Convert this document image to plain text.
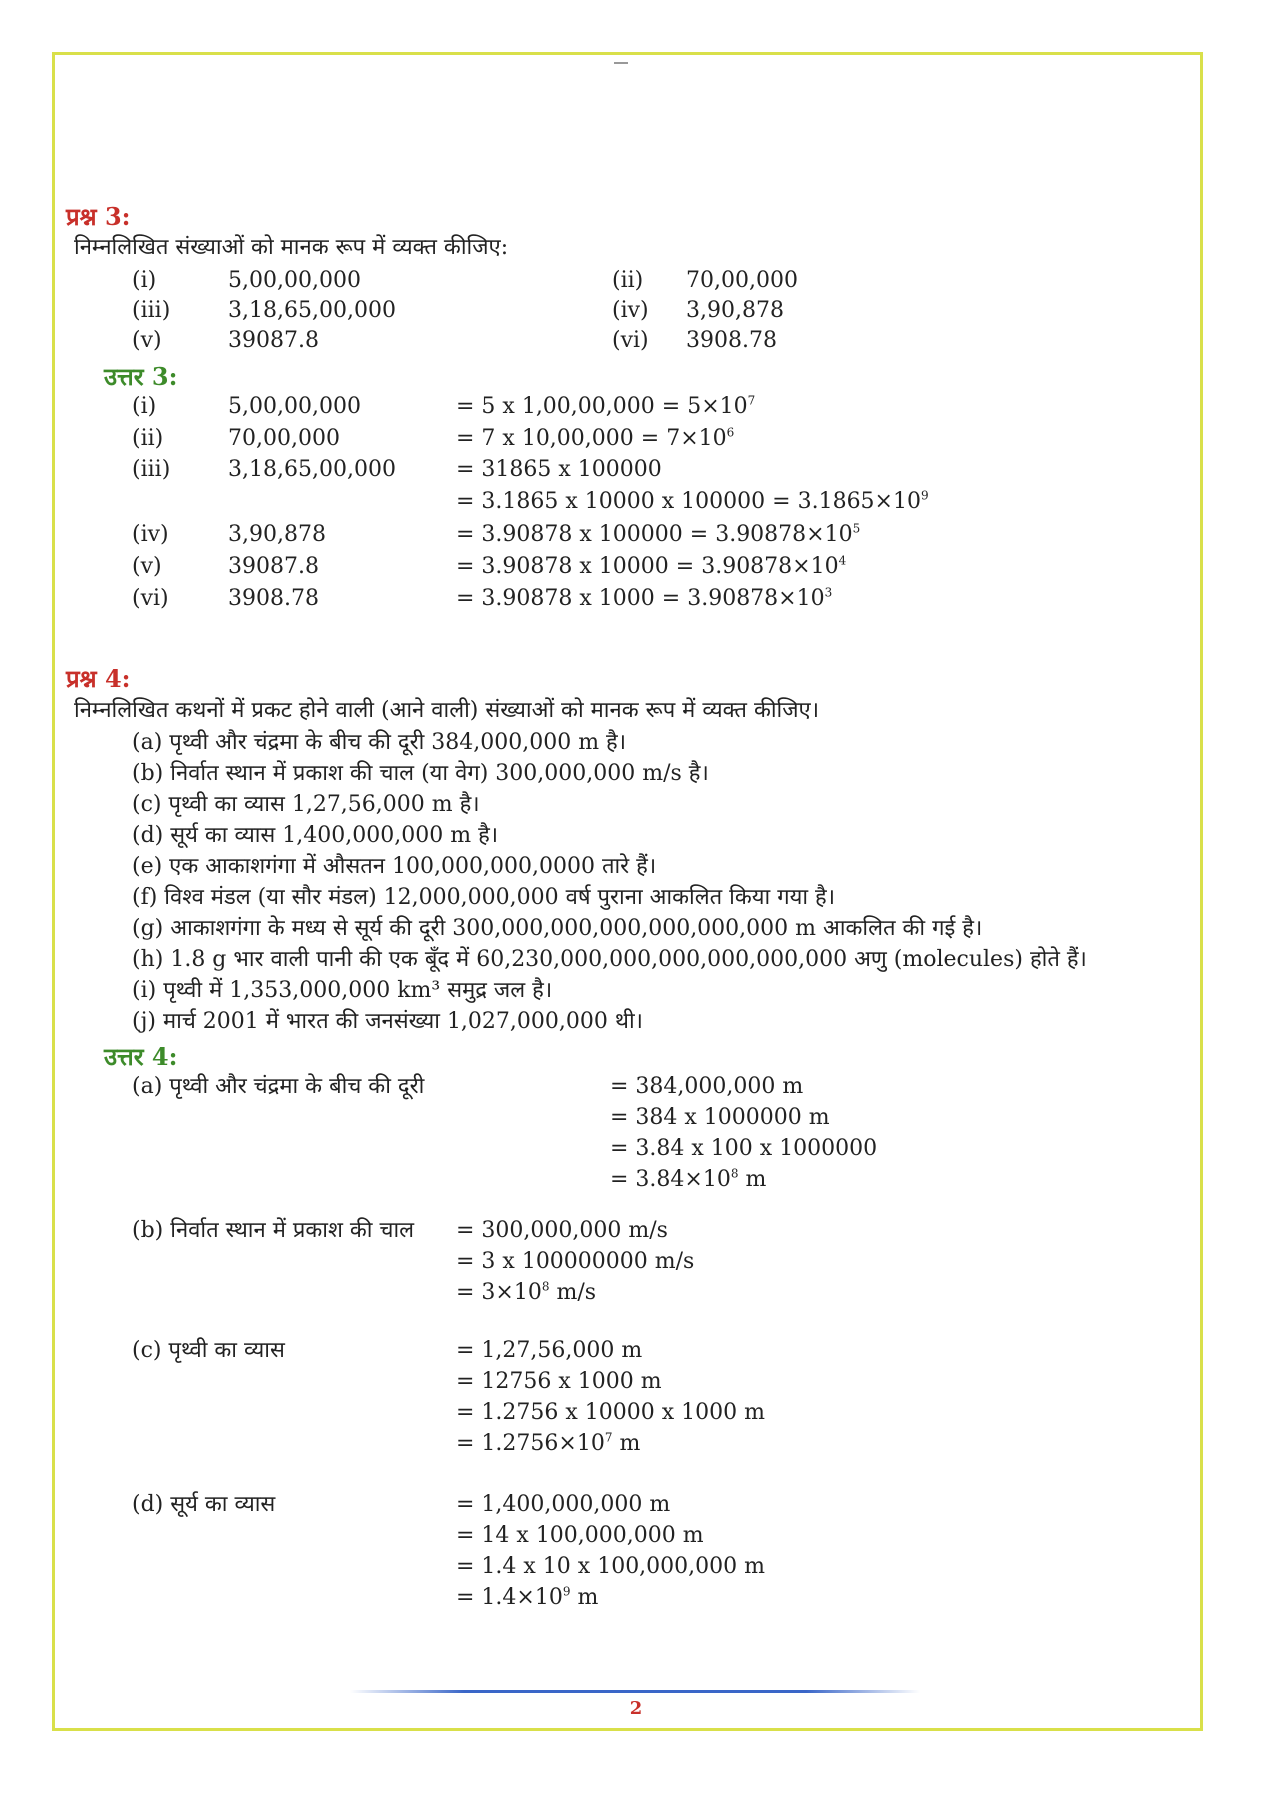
प्रश्न 3:
निम्नलिखित संख्याओं को मानक रूप में व्यक्त कीजिए:
(i)	5,00,00,000	(ii) 70,00,000
(iii)	3,18,65,00,000	(iv) 3,90,878
(v)	39087.8	(vi) 3908.78
उत्तर 3:
(i)	5,00,00,000	= 5 x $1,00,00,000 = 5\times 10^7$
(ii)	70,00,000	= 7 x $10,00,000 = 7\times 10^6$
(iii)	3,18,65,00,000	= 31865 x 100000
= 3.1865 x 10000 x $100000 = 3.1865\times 10^9$
(iv)	3,90,878	= 3.90878 x $100000 = 3.90878\times 10^5$
(v)	39087.8	= 3.90878 x $10000 = 3.90878\times 10^4$
(vi)	3908.78	= 3.90878 x $1000 = 3.90878\times 10^3$
प्रश्न 4:
निम्नलिखित कथनों में प्रकट होने वाली (आने वाली) संख्याओं को मानक रूप में व्यक्त कीजिए।
(a) पृथ्वी और चंद्रमा के बीच की दूरी 384,000,000 m है।
(b) निर्वात स्थान में प्रकाश की चाल (या वेग) 300,000,000 m/s है।
(c) पृथ्वी का व्यास 1,27,56,000 m है।
(d) सूर्य का व्यास 1,400,000,000 m है।
(e) एक आकाशगंगा में औसतन 100,000,000,0000 तारे हैं।
(f) विश्व मंडल (या सौर मंडल) 12,000,000,000 वर्ष पुराना आकलित किया गया है।
(g) आकाशगंगा के मध्य से सूर्य की दूरी 300,000,000,000,000,000,000 m आकलित की गई है।
(h) 1.8 g भार वाली पानी की एक बूँद में 60,230,000,000,000,000,000,000 अणु (molecules) होते हैं।
(i) पृथ्वी में 1,353,000,000 km³ समुद्र जल है।
(j) मार्च 2001 में भारत की जनसंख्या 1,027,000,000 थी।
उत्तर 4:
(a) पृथ्वी और चंद्रमा के बीच की दूरी	= 384,000,000 m
= 384 x 1000000 m
= 3.84 x 100 x 1000000
= $3.84\times 10^8$ m
(b) निर्वात स्थान में प्रकाश की चाल = 300,000,000 m/s
= 3 x 100000000 m/s
= $3\times 10^8$ m/s
(c) पृथ्वी का व्यास	= 1,27,56,000 m
= 12756 x 1000 m
= 1.2756 x 10000 x 1000 m
= $1.2756\times 10^7$ m
(d) सूर्य का व्यास	= 1,400,000,000 m
= 14 x 100,000,000 m
= 1.4 x 10 x 100,000,000 m
= $1.4\times 10^9$ m
2
